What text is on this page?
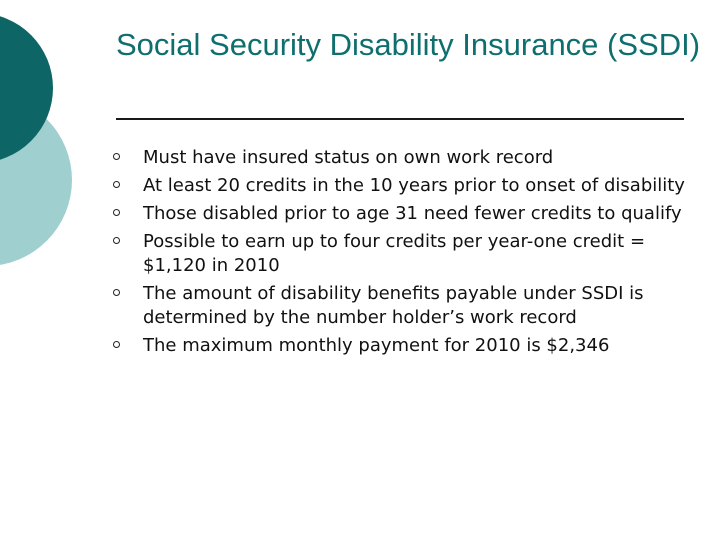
Social Security Disability Insurance (SSDI)
Must have insured status on own work record
At least 20 credits in the 10 years prior to onset of disability
Those disabled prior to age 31 need fewer credits to qualify
Possible to earn up to four credits per year-one credit = $1,120 in 2010
The amount of disability benefits payable under SSDI is determined by the number holder’s work record
The maximum monthly payment for 2010 is $2,346
